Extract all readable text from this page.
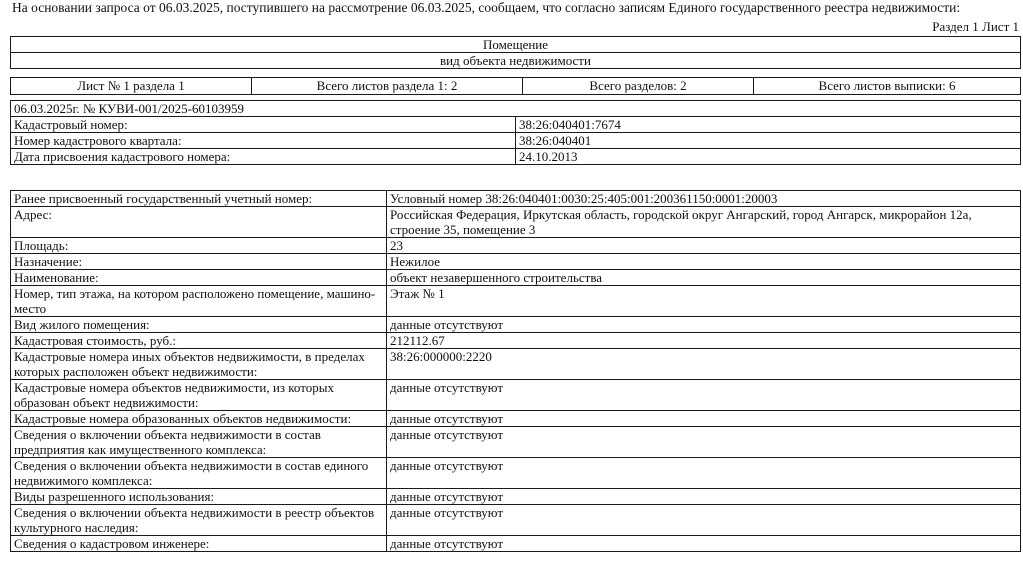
На основании запроса от 06.03.2025, поступившего на рассмотрение 06.03.2025, сообщаем, что согласно записям Единого государственного реестра недвижимости:
Раздел 1 Лист 1
Помещение
вид объекта недвижимости
Лист № 1 раздела 1	Всего листов раздела 1: 2	Всего разделов: 2	Всего листов выписки: 6
06.03.2025г. № КУВИ-001/2025-60103959	
Кадастровый номер:	38:26:040401:7674
Номер кадастрового квартала:	38:26:040401
Дата присвоения кадастрового номера:	24.10.2013
Ранее присвоенный государственный учетный номер:	Условный номер 38:26:040401:0030:25:405:001:200361150:0001:20003
Адрес:	Российская Федерация, Иркутская область, городской округ Ангарский, город Ангарск, микрорайон 12а, строение 35, помещение 3
Площадь:	23
Назначение:	Нежилое
Наименование:	объект незавершенного строительства
Номер, тип этажа, на котором расположено помещение, машино-место	Этаж № 1
Вид жилого помещения:	данные отсутствуют
Кадастровая стоимость, руб.:	212112.67
Кадастровые номера иных объектов недвижимости, в пределах которых расположен объект недвижимости:	38:26:000000:2220
Кадастровые номера объектов недвижимости, из которых образован объект недвижимости:	данные отсутствуют
Кадастровые номера образованных объектов недвижимости:	данные отсутствуют
Сведения о включении объекта недвижимости в состав предприятия как имущественного комплекса:	данные отсутствуют
Сведения о включении объекта недвижимости в состав единого недвижимого комплекса:	данные отсутствуют
Виды разрешенного использования:	данные отсутствуют
Сведения о включении объекта недвижимости в реестр объектов культурного наследия:	данные отсутствуют
Сведения о кадастровом инженере:	данные отсутствуют
